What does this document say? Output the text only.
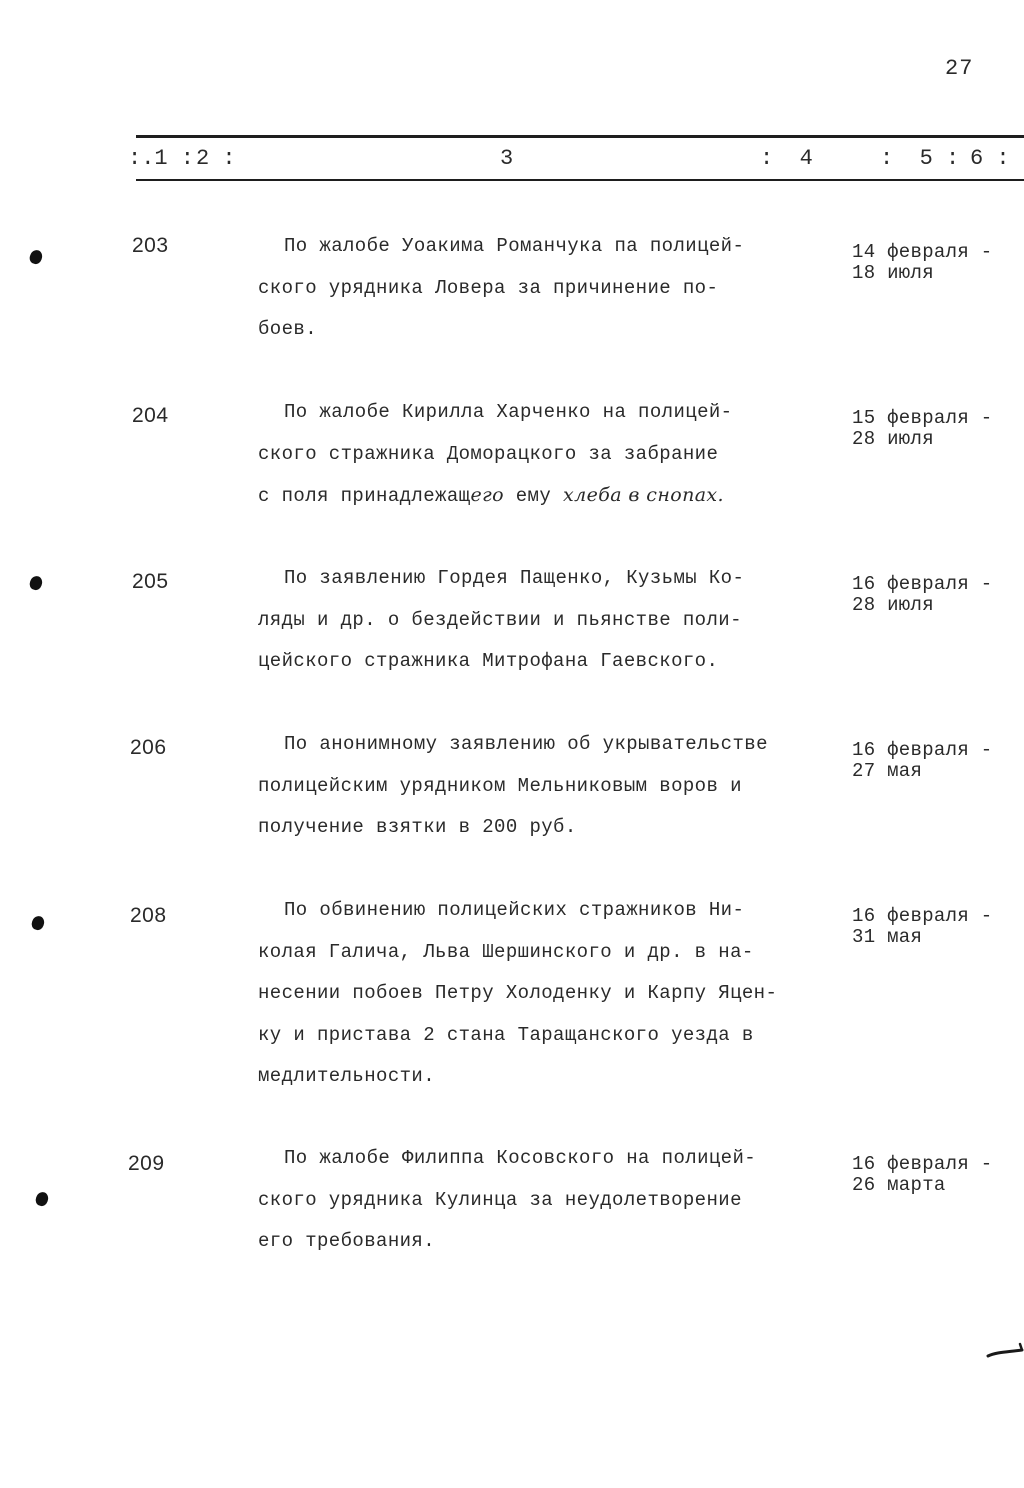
27
:.1 : 2 :	3	:  4	:  5 : 6 :
203	По жалобе Уоакима Романчука па полицей-
ского урядника Ловера за причинение по-
боев.
14 февраля -
18 июля
204	По жалобе Кирилла Харченко на полицей-
ского стражника Доморацкого за забрание
с поля принадлежащего ему хлеба в снопах.
15 февраля -
28 июля
205	По заявлению Гордея Пащенко, Кузьмы Ко-
ляды и др. о бездействии и пьянстве поли-
цейского стражника Митрофана Гаевского.
16 февраля -
28 июля
206	По анонимному заявлению об укрывательстве
полицейским урядником Мельниковым воров и
получение взятки в 200 руб.
16 февраля -
27 мая
208	По обвинению полицейских стражников Ни-
колая Галича, Льва Шершинского и др. в на-
несении побоев Петру Холоденку и Карпу Яцен-
ку и пристава 2 стана Таращанского уезда в
медлительности.
16 февраля -
31 мая
209	По жалобе Филиппа Косовского на полицей-
ского урядника Кулинца за неудолетворение
его требования.
16 февраля -
26 марта
